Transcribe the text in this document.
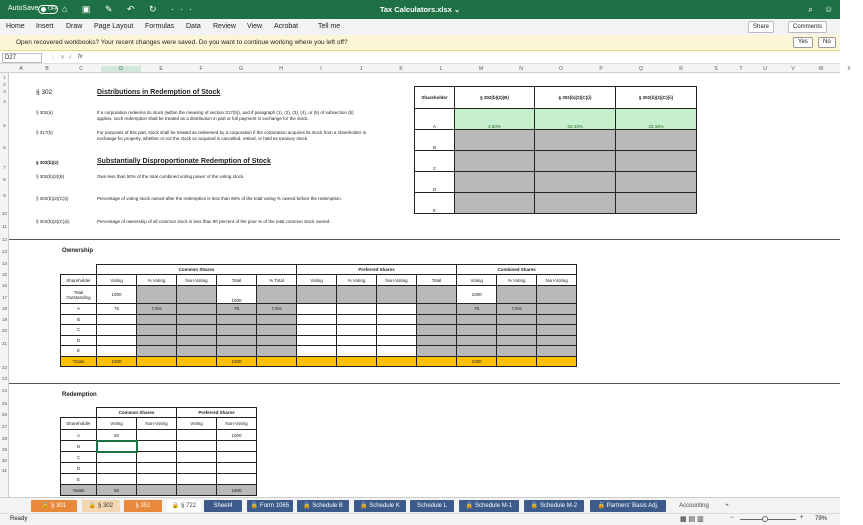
AutoSave	OFF ⌂ ▣ ✎ ↶ ↻ ···	Tax Calculators.xlsx ⌄	⌕ ☺
Home Insert Draw Page Layout Formulas Data Review View Acrobat	Tell me	Share	Comments
Open recovered workbooks? Your recent changes were saved. Do you want to continue working where you left off?	Yes	No
D27	⋮ ✕ ✓ fx
A	B	C	D	E	F	G	H	I	J	K	L	M	N	O	P	Q	R	S	T	U	V	W	X
1
2
3
4
5
6
7
8
9
10
11
12
13
14
15
16
17
18
19
20
21
22
23
24
25
26
27
28
29
30
31
§ 302	Distributions in Redemption of Stock
§ 302(a)	If a corporation redeems its stock (within the meaning of section 317(b)), and if paragraph (1), (2), (3), (4), or (5) of subsection (b) applies, such redemption shall be treated as a distribution in part or full payment in exchange for the stock.
§ 317(b)	For purposes of this part, stock shall be treated as redeemed by a corporation if the corporation acquires its stock from a shareholder in exchange for property, whether or not the stock so acquired is cancelled, retired, or held as treasury stock.
§ 302(b)(2)	Substantially Disproportionate Redemption of Stock
§ 302(b)(2)(B)	Own less than 50% of the total combined voting power of the voting stock.
§ 302(b)(2)(C)(i)	Percentage of voting stock owned after the redemption is less than 80% of the total voting % owned before the redemption.
§ 302(b)(2)(C)(ii)	Percentage of ownership of all common stock is less than 80 percent of the prior % of the total common stock owned.
Shareholder	§ 302(b)(2)(B)	§ 302(b)(2)(C)(i)	§ 302(b)(2)(C)(ii)
A	2.50%	33.33%	33.33%
B			
C			
D			
E			
Ownership
	Common Shares					Preferred Shares				Combined Shares		
Shareholder	Voting	% Voting	Non-Voting	Total	% Total	Voting	% Voting	Non-Voting	Total	Voting	% Voting	Non-Voting
Total Outstanding	1000			1000						1000		
A	75	7.5%		75	7.5%					75	7.5%	
B												
C												
D												
E												
Totals	1000			1000						1000		
Redemption
	Common Shares		Preferred Shares	
Shareholder	Voting	Non-Voting	Voting	Non-Voting
A	50			1000
B				
C				
D				
E				
Totals	50			1000
🔒 § 301	🔒 § 302	§ 351	🔒 § 722	Sheet4	🔒 Form 1065	🔒 Schedule B	🔒 Schedule K	Schedule L	🔒 Schedule M-1	🔒 Schedule M-2	🔒 Partners' Basis Adj.	Accounting	+
Ready	▦ ▤ ▥	−	+ 79%
